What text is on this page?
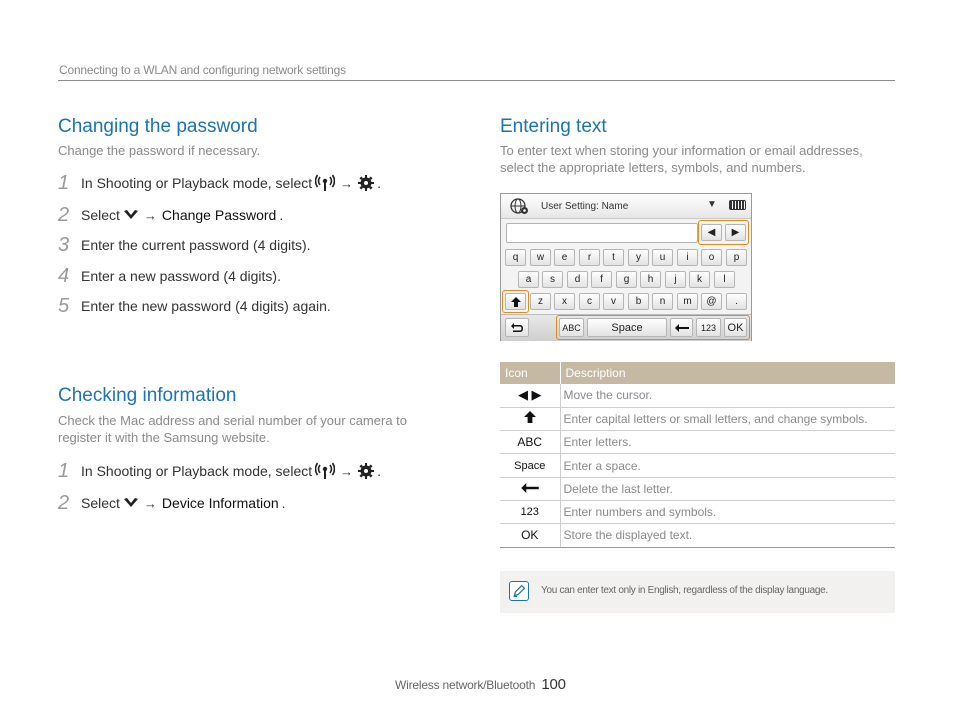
Connecting to a WLAN and configuring network settings
Changing the password
Change the password if necessary.
1 In Shooting or Playback mode, select → .
2 Select → Change Password .
3 Enter the current password (4 digits).
4 Enter a new password (4 digits).
5 Enter the new password (4 digits) again.
Checking information
Check the Mac address and serial number of your camera to register it with the Samsung website.
1 In Shooting or Playback mode, select → .
2 Select → Device Information .
Entering text
To enter text when storing your information or email addresses, select the appropriate letters, symbols, and numbers.
User Setting: Name	▼
◀	▶
q	w	e	r	t	y	u	i	o	p
a	s	d	f	g	h	j	k	l
z	x	c	v	b	n	m	@	.
ABC	Space	123	OK
Icon	Description
◀ ▶	Move the cursor.
	Enter capital letters or small letters, and change symbols.
ABC	Enter letters.
Space	Enter a space.
	Delete the last letter.
123	Enter numbers and symbols.
OK	Store the displayed text.
You can enter text only in English, regardless of the display language.
Wireless network/Bluetooth 100
